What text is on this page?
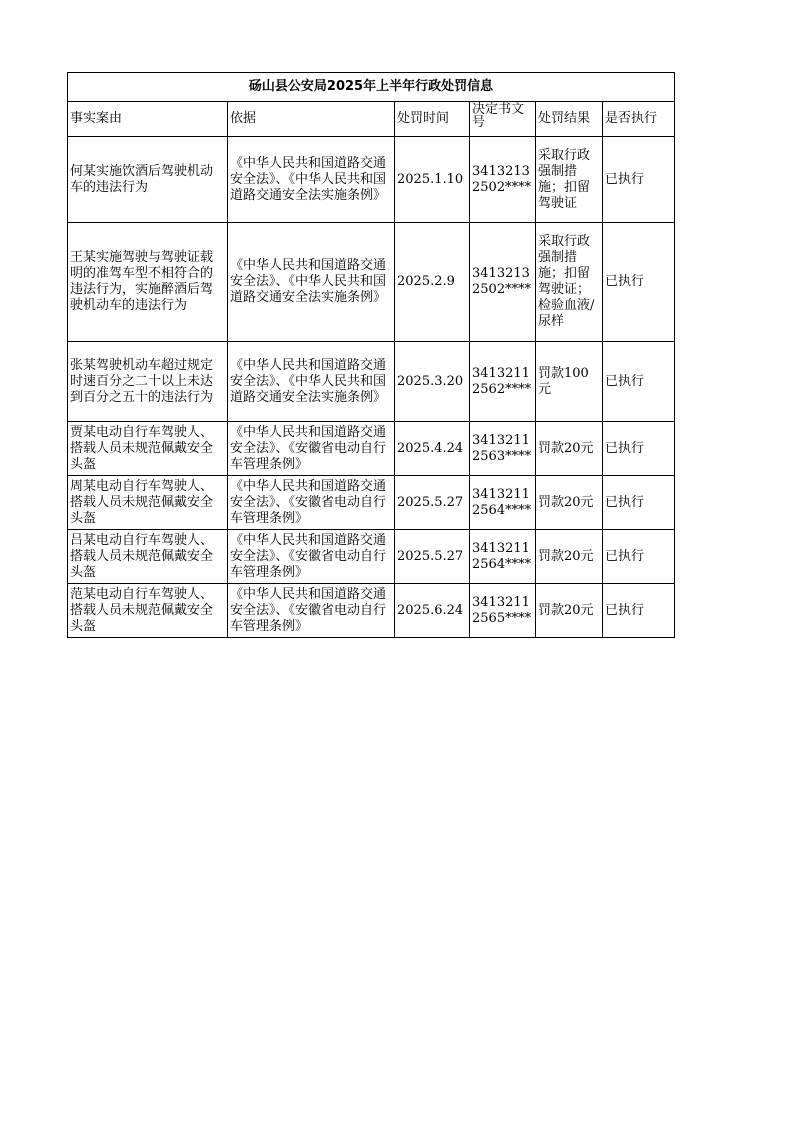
砀山县公安局2025年上半年行政处罚信息					
事实案由	依据	处罚时间	决定书文号	处罚结果	是否执行
何某实施饮酒后驾驶机动车的违法行为	《中华人民共和国道路交通安全法》、《中华人民共和国道路交通安全法实施条例》	2025.1.10	34132132502****	采取行政强制措施；扣留驾驶证	已执行
王某实施驾驶与驾驶证载明的准驾车型不相符合的违法行为，实施醉酒后驾驶机动车的违法行为	《中华人民共和国道路交通安全法》、《中华人民共和国道路交通安全法实施条例》	2025.2.9	34132132502****	采取行政强制措施；扣留驾驶证；检验血液/尿样	已执行
张某驾驶机动车超过规定时速百分之二十以上未达到百分之五十的违法行为	《中华人民共和国道路交通安全法》、《中华人民共和国道路交通安全法实施条例》	2025.3.20	34132112562****	罚款100元	已执行
贾某电动自行车驾驶人、搭载人员未规范佩戴安全头盔	《中华人民共和国道路交通安全法》、《安徽省电动自行车管理条例》	2025.4.24	34132112563****	罚款20元	已执行
周某电动自行车驾驶人、搭载人员未规范佩戴安全头盔	《中华人民共和国道路交通安全法》、《安徽省电动自行车管理条例》	2025.5.27	34132112564****	罚款20元	已执行
吕某电动自行车驾驶人、搭载人员未规范佩戴安全头盔	《中华人民共和国道路交通安全法》、《安徽省电动自行车管理条例》	2025.5.27	34132112564****	罚款20元	已执行
范某电动自行车驾驶人、搭载人员未规范佩戴安全头盔	《中华人民共和国道路交通安全法》、《安徽省电动自行车管理条例》	2025.6.24	34132112565****	罚款20元	已执行
